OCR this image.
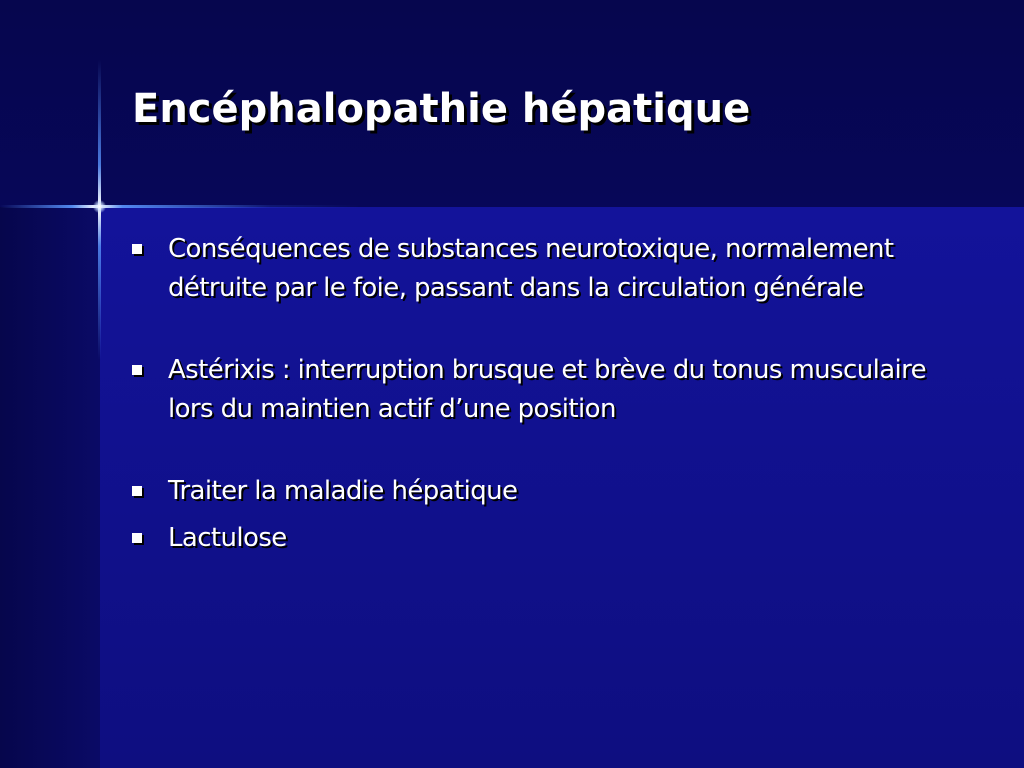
Encéphalopathie hépatique
Conséquences de substances neurotoxique, normalement détruite par le foie, passant dans la circulation générale
Astérixis : interruption brusque et brève du tonus musculaire lors du maintien actif d’une position
Traiter la maladie hépatique
Lactulose
